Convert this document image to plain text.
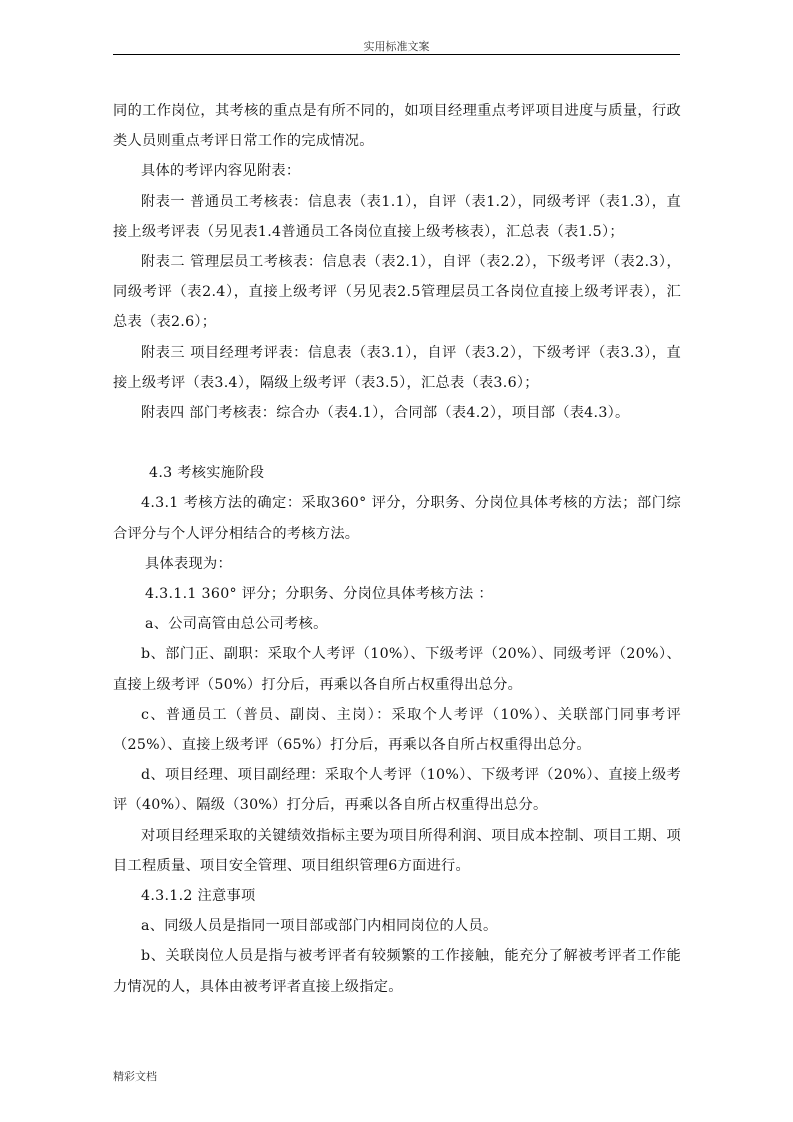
实用标准文案

同的工作岗位，其考核的重点是有所不同的，如项目经理重点考评项目进度与质量，行政类人员则重点考评日常工作的完成情况。

具体的考评内容见附表：

附表一 普通员工考核表：信息表（表1.1），自评（表1.2），同级考评（表1.3），直接上级考评表（另见表1.4普通员工各岗位直接上级考核表），汇总表（表1.5）；

附表二 管理层员工考核表：信息表（表2.1），自评（表2.2），下级考评（表2.3），同级考评（表2.4），直接上级考评（另见表2.5管理层员工各岗位直接上级考评表），汇总表（表2.6）；

附表三 项目经理考评表：信息表（表3.1），自评（表3.2），下级考评（表3.3），直接上级考评（表3.4），隔级上级考评（表3.5），汇总表（表3.6）；

附表四 部门考核表：综合办（表4.1），合同部（表4.2），项目部（表4.3）。

4.3 考核实施阶段

4.3.1 考核方法的确定：采取360° 评分，分职务、分岗位具体考核的方法；部门综合评分与个人评分相结合的考核方法。

具体表现为：

4.3.1.1 360° 评分；分职务、分岗位具体考核方法 ：

a、公司高管由总公司考核。

b、部门正、副职：采取个人考评（10%）、下级考评（20%）、同级考评（20%）、直接上级考评（50%）打分后，再乘以各自所占权重得出总分。

c、普通员工（普员、副岗、主岗）：采取个人考评（10%）、关联部门同事考评（25%）、直接上级考评（65%）打分后，再乘以各自所占权重得出总分。

d、项目经理、项目副经理：采取个人考评（10%）、下级考评（20%）、直接上级考评（40%）、隔级（30%）打分后，再乘以各自所占权重得出总分。

对项目经理采取的关键绩效指标主要为项目所得利润、项目成本控制、项目工期、项目工程质量、项目安全管理、项目组织管理6方面进行。

4.3.1.2 注意事项

a、同级人员是指同一项目部或部门内相同岗位的人员。

b、关联岗位人员是指与被考评者有较频繁的工作接触，能充分了解被考评者工作能力情况的人，具体由被考评者直接上级指定。

精彩文档
